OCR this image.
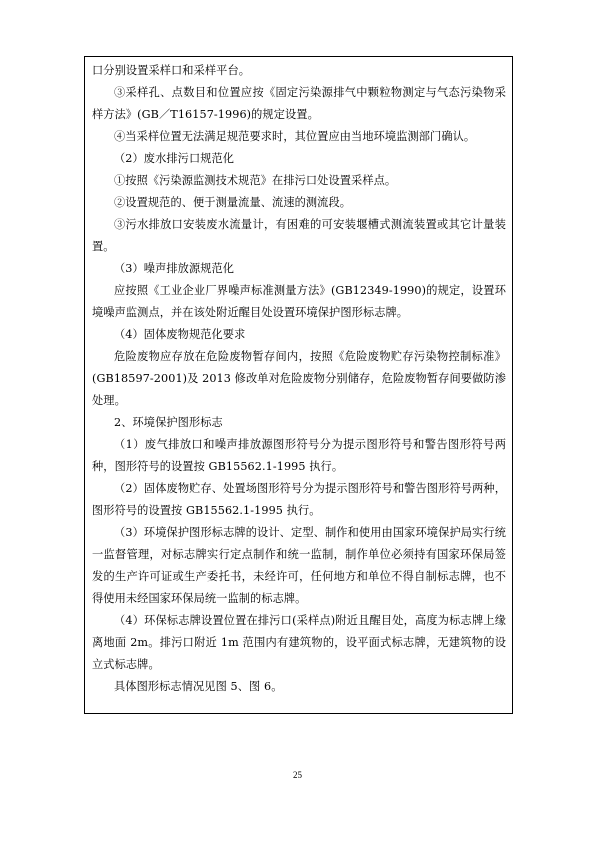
口分别设置采样口和采样平台。

③采样孔、点数目和位置应按《固定污染源排气中颗粒物测定与气态污染物采样方法》(GB／T16157-1996)的规定设置。

④当采样位置无法满足规范要求时，其位置应由当地环境监测部门确认。

（2）废水排污口规范化

①按照《污染源监测技术规范》在排污口处设置采样点。

②设置规范的、便于测量流量、流速的测流段。

③污水排放口安装废水流量计，有困难的可安装堰槽式测流装置或其它计量装置。

（3）噪声排放源规范化

应按照《工业企业厂界噪声标准测量方法》(GB12349-1990)的规定，设置环境噪声监测点，并在该处附近醒目处设置环境保护图形标志牌。

（4）固体废物规范化要求

危险废物应存放在危险废物暂存间内，按照《危险废物贮存污染物控制标准》(GB18597-2001)及 2013 修改单对危险废物分别储存，危险废物暂存间要做防渗处理。

2、环境保护图形标志

（1）废气排放口和噪声排放源图形符号分为提示图形符号和警告图形符号两种，图形符号的设置按 GB15562.1-1995 执行。

（2）固体废物贮存、处置场图形符号分为提示图形符号和警告图形符号两种，图形符号的设置按 GB15562.1-1995 执行。

（3）环境保护图形标志牌的设计、定型、制作和使用由国家环境保护局实行统一监督管理，对标志牌实行定点制作和统一监制，制作单位必须持有国家环保局签发的生产许可证或生产委托书，未经许可，任何地方和单位不得自制标志牌，也不得使用未经国家环保局统一监制的标志牌。

（4）环保标志牌设置位置在排污口(采样点)附近且醒目处，高度为标志牌上缘离地面 2m。排污口附近 1m 范围内有建筑物的，设平面式标志牌，无建筑物的设立式标志牌。

具体图形标志情况见图 5、图 6。

25
